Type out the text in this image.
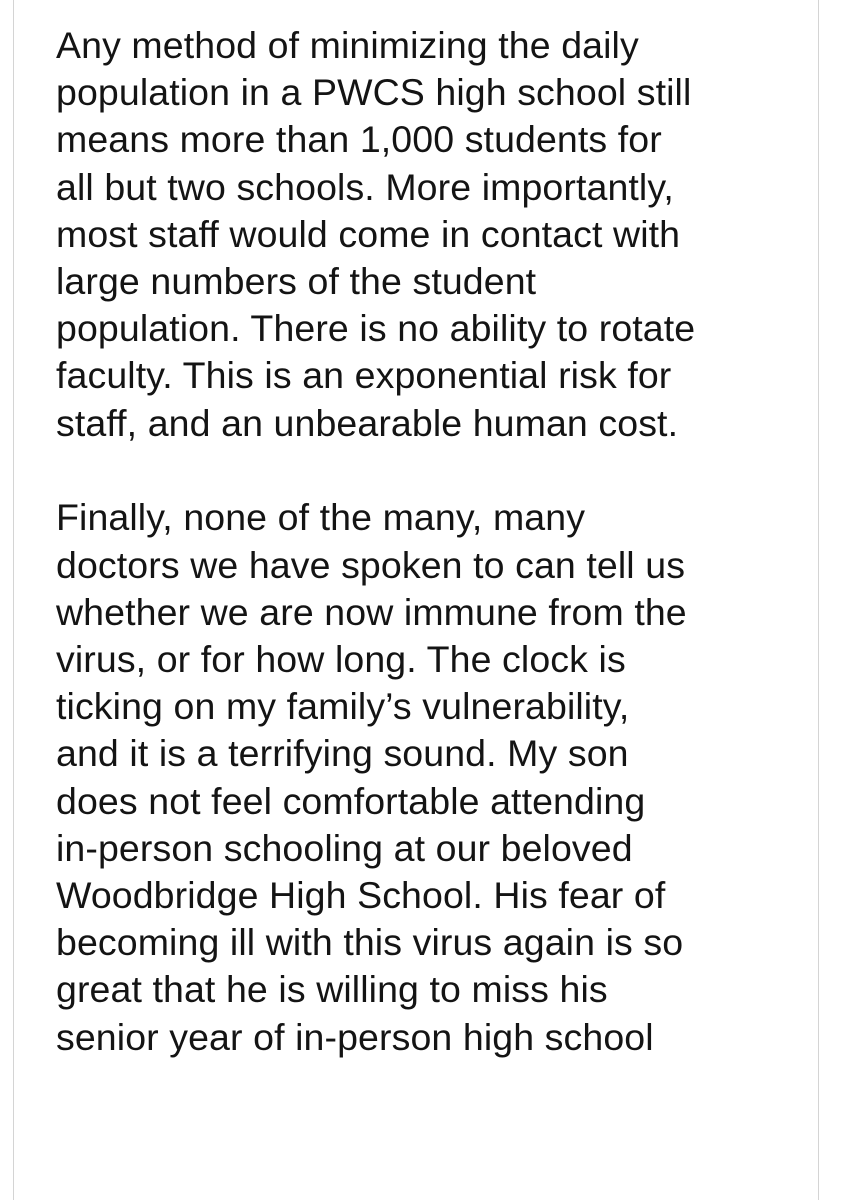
Any method of minimizing the daily
population in a PWCS high school still
means more than 1,000 students for
all but two schools. More importantly,
most staff would come in contact with
large numbers of the student
population. There is no ability to rotate
faculty. This is an exponential risk for
staff, and an unbearable human cost.

Finally, none of the many, many
doctors we have spoken to can tell us
whether we are now immune from the
virus, or for how long. The clock is
ticking on my family’s vulnerability,
and it is a terrifying sound. My son
does not feel comfortable attending
in-person schooling at our beloved
Woodbridge High School. His fear of
becoming ill with this virus again is so
great that he is willing to miss his
senior year of in-person high school
